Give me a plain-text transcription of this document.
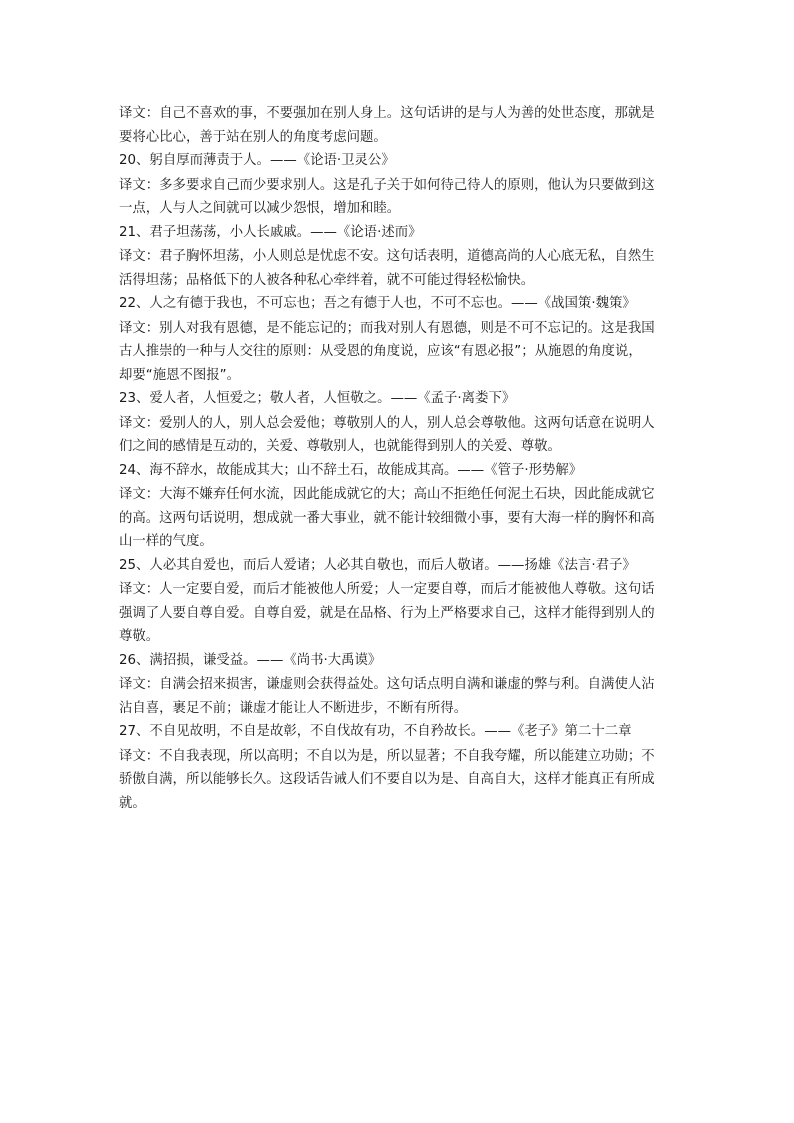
译文：自己不喜欢的事，不要强加在别人身上。这句话讲的是与人为善的处世态度，那就是

要将心比心，善于站在别人的角度考虑问题。

20、躬自厚而薄责于人。——《论语·卫灵公》

译文：多多要求自己而少要求别人。这是孔子关于如何待己待人的原则，他认为只要做到这

一点，人与人之间就可以减少怨恨，增加和睦。

21、君子坦荡荡，小人长戚戚。——《论语·述而》

译文：君子胸怀坦荡，小人则总是忧虑不安。这句话表明，道德高尚的人心底无私，自然生

活得坦荡；品格低下的人被各种私心牵绊着，就不可能过得轻松愉快。

22、人之有德于我也，不可忘也；吾之有德于人也，不可不忘也。——《战国策·魏策》

译文：别人对我有恩德，是不能忘记的；而我对别人有恩德，则是不可不忘记的。这是我国

古人推崇的一种与人交往的原则：从受恩的角度说，应该“有恩必报”；从施恩的角度说，

却要“施恩不图报”。

23、爱人者，人恒爱之；敬人者，人恒敬之。——《孟子·离娄下》

译文：爱别人的人，别人总会爱他；尊敬别人的人，别人总会尊敬他。这两句话意在说明人

们之间的感情是互动的，关爱、尊敬别人，也就能得到别人的关爱、尊敬。

24、海不辞水，故能成其大；山不辞土石，故能成其高。——《管子·形势解》

译文：大海不嫌弃任何水流，因此能成就它的大；高山不拒绝任何泥土石块，因此能成就它

的高。这两句话说明，想成就一番大事业，就不能计较细微小事，要有大海一样的胸怀和高

山一样的气度。

25、人必其自爱也，而后人爱诸；人必其自敬也，而后人敬诸。——扬雄《法言·君子》

译文：人一定要自爱，而后才能被他人所爱；人一定要自尊，而后才能被他人尊敬。这句话

强调了人要自尊自爱。自尊自爱，就是在品格、行为上严格要求自己，这样才能得到别人的

尊敬。

26、满招损，谦受益。——《尚书·大禹谟》

译文：自满会招来损害，谦虚则会获得益处。这句话点明自满和谦虚的弊与利。自满使人沾

沾自喜，裹足不前；谦虚才能让人不断进步，不断有所得。

27、不自见故明，不自是故彰，不自伐故有功，不自矜故长。——《老子》第二十二章

译文：不自我表现，所以高明；不自以为是，所以显著；不自我夸耀，所以能建立功勋；不

骄傲自满，所以能够长久。这段话告诫人们不要自以为是、自高自大，这样才能真正有所成

就。
